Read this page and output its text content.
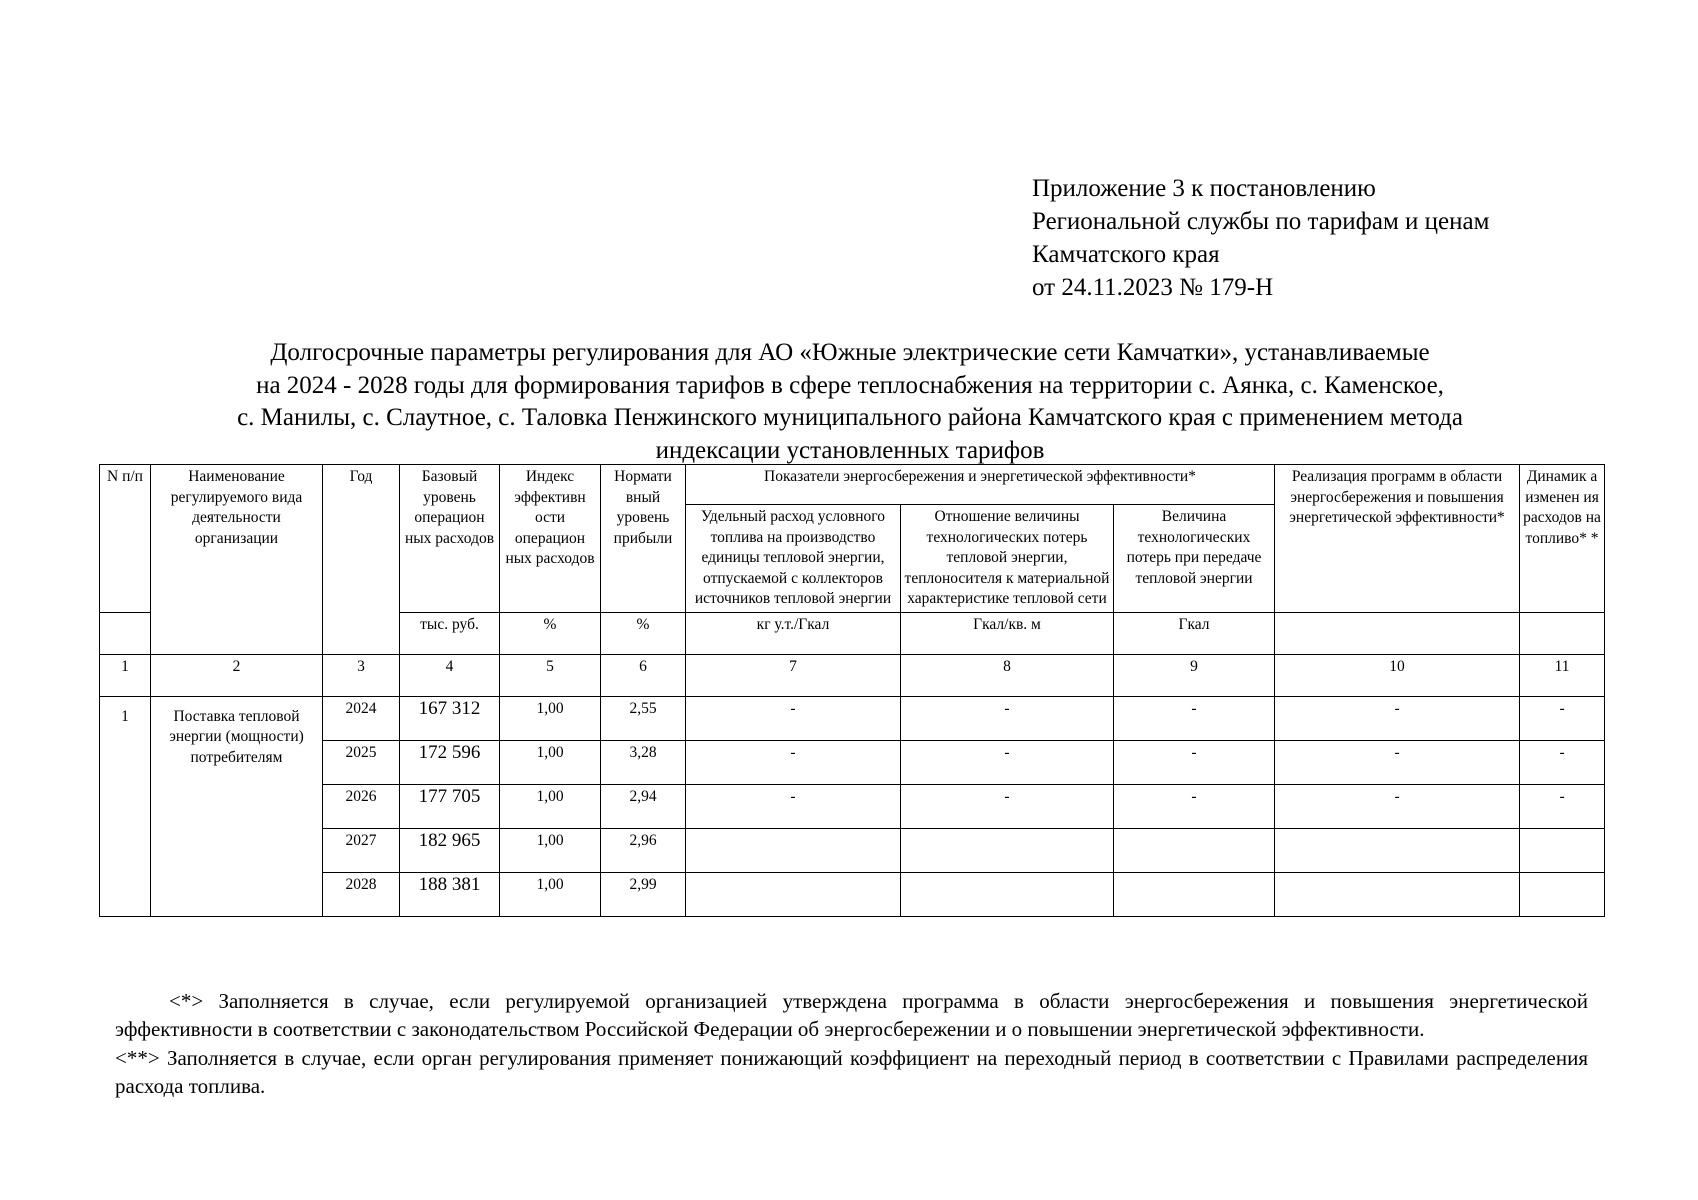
Приложение 3 к постановлению
Региональной службы по тарифам и ценам
Камчатского края
от 24.11.2023 № 179-Н
Долгосрочные параметры регулирования для АО «Южные электрические сети Камчатки», устанавливаемые
на 2024 - 2028 годы для формирования тарифов в сфере теплоснабжения на территории с. Аянка, с. Каменское,
с. Манилы, с. Слаутное, с. Таловка Пенжинского муниципального района Камчатского края с применением метода
индексации установленных тарифов
N п/п	Наименование регулируемого вида деятельности организации	Год	Базовый уровень операцион ных расходов	Индекс эффективн ости операцион ных расходов	Нормати вный уровень прибыли	Показатели энергосбережения и энергетической эффективности*			Реализация программ в области энергосбережения и повышения энергетической эффективности*	Динамик а изменен ия расходов на топливо* *
						Удельный расход условного топлива на производство единицы тепловой энергии, отпускаемой с коллекторов источников тепловой энергии	Отношение величины технологических потерь тепловой энергии, теплоносителя к материальной характеристике тепловой сети	Величина технологических потерь при передаче тепловой энергии		
			тыс. руб.	%	%	кг у.т./Гкал	Гкал/кв. м	Гкал		
1	2	3	4	5	6	7	8	9	10	11
1	Поставка тепловой энергии (мощности) потребителям	2024	167 312	1,00	2,55	-	-	-	-	-
		2025	172 596	1,00	3,28	-	-	-	-	-
		2026	177 705	1,00	2,94	-	-	-	-	-
		2027	182 965	1,00	2,96					
		2028	188 381	1,00	2,99					

<*> Заполняется в случае, если регулируемой организацией утверждена программа в области энергосбережения и повышения энергетической эффективности в соответствии с законодательством Российской Федерации об энергосбережении и о повышении энергетической эффективности.

<**> Заполняется в случае, если орган регулирования применяет понижающий коэффициент на переходный период в соответствии с Правилами распределения расхода топлива.
